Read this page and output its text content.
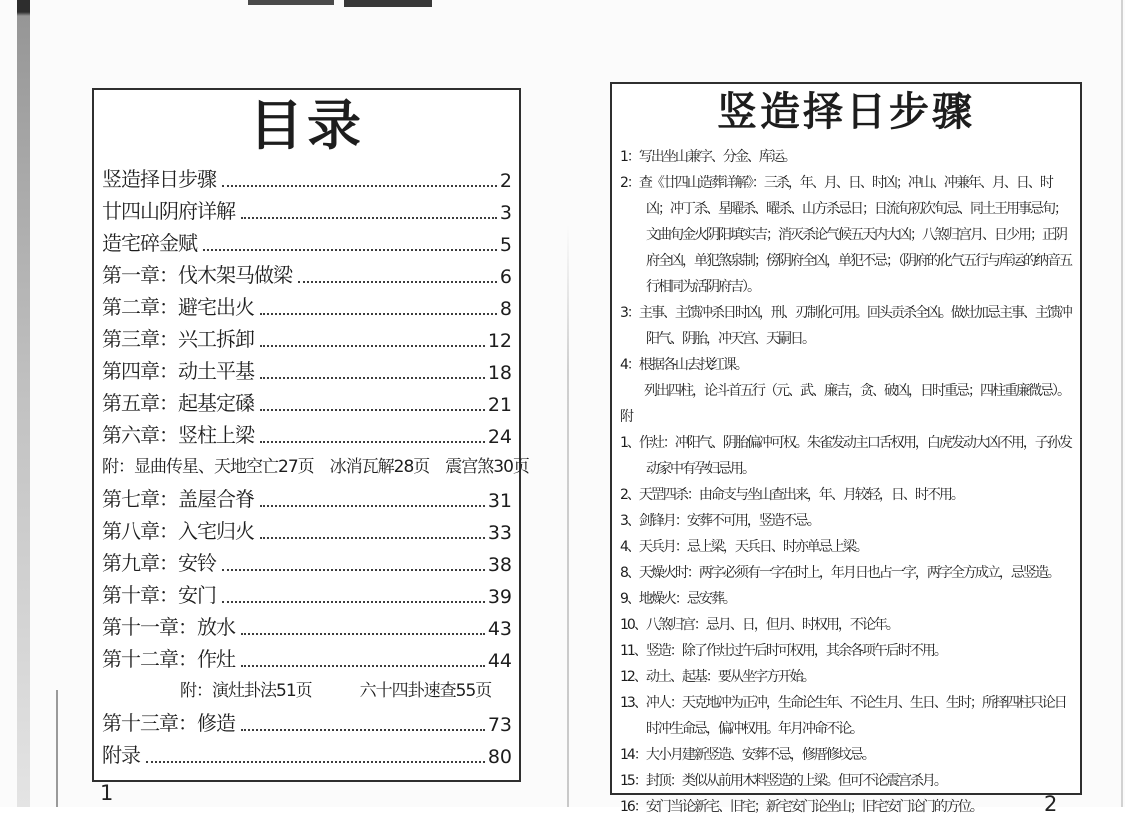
目录
竖造择日步骤	2
廿四山阴府详解	3
造宅碎金赋	5
第一章：伐木架马做梁	6
第二章：避宅出火	8
第三章：兴工拆卸	12
第四章：动土平基	18
第五章：起基定磉	21
第六章：竖柱上梁	24
附：显曲传星、天地空亡27页　冰消瓦解28页　震宫煞30页
第七章：盖屋合脊	31
第八章：入宅归火	33
第九章：安铃	38
第十章：安门	39
第十一章：放水	43
第十二章：作灶	44
附：演灶卦法51页　　　六十四卦速查55页
第十三章：修造	73
附录	80
竖造择日步骤
1：写出坐山兼字、分金、库运。
2：查《廿四山造葬详解》：三杀，年、月、日、时凶；冲山、冲兼年、月、日、时凶；冲丁杀、星曜杀、曜杀、山方杀忌日；日流旬初次旬忌、同土王用事忌旬；文曲旬金火阴阳填实吉；消灭杀论气候五天内大凶；八煞归宫月、日少用；正阴府全凶，单犯煞泉制；傍阴府全凶，单犯不忌；（阴府的化气五行与库运的纳音五行相同为活阴府吉）。
3：主事、主馈冲杀日时凶，刑、刃制化可用。回头贡杀全凶。做灶加忌主事、主馈冲阳气、阴胎，冲天宫、天嗣日。
4：根据各山去找红课。
列出四柱，论斗首五行（元、武、廉吉，贪、破凶，日时重忌；四柱重廉微忌）。
附
1、作灶：冲阳气、阴胎偏冲可权。朱雀发动主口舌权用，白虎发动大凶不用，子孙发动家中有孕妇忌用。
2、天罡四杀：由命支与坐山查出来，年、月较轻，日、时不用。
3、剑锋月：安葬不可用，竖造不忌。
4、天兵月：忌上梁，天兵日、时亦单忌上梁。
8、天燥火时：两字必须有一字在时上，年月日也占一字，两字全方成立，忌竖造。
9、地燥火：忌安葬。
10、八煞归宫：忌月、日，但月、时权用，不论年。
11、竖造：除了作灶过午后时可权用，其余各项午后时不用。
12、动土、起基：要从坐字方开始。
13、冲人：天克地冲为正冲，生命论生年、不论生月、生日、生时；所择四柱只论日时冲生命忌，偏冲权用。年月冲命不论。
14：大小月建新竖造、安葬不忌，修厝修坟忌。
15：封顶：类似从前用木料竖造的上梁。但可不论震宫杀月。
16：安门当论新宅、旧宅；新宅安门论坐山；旧宅安门论门的方位。
1	2
